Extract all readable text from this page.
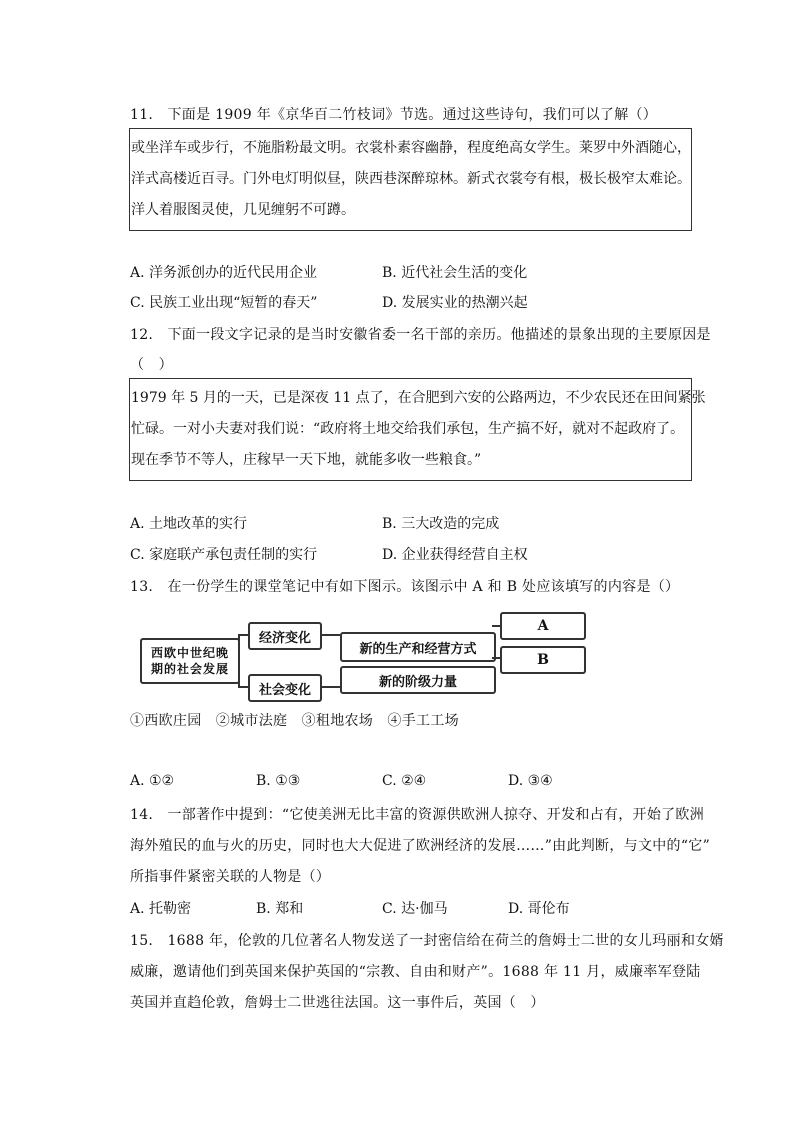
11.　下面是 1909 年《京华百二竹枝词》节选。通过这些诗句，我们可以了解（）
或坐洋车或步行，不施脂粉最文明。衣裳朴素容幽静，程度绝高女学生。莱罗中外酒随心，
洋式高楼近百寻。门外电灯明似昼，陕西巷深醉琼林。新式衣裳夸有根，极长极窄太难论。
洋人着服图灵使，几见缠躬不可蹲。
A. 洋务派创办的近代民用企业	B. 近代社会生活的变化
C. 民族工业出现“短暂的春天”	D. 发展实业的热潮兴起
12.　下面一段文字记录的是当时安徽省委一名干部的亲历。他描述的景象出现的主要原因是
（　）
1979 年 5 月的一天，已是深夜 11 点了，在合肥到六安的公路两边，不少农民还在田间紧张
忙碌。一对小夫妻对我们说：“政府将土地交给我们承包，生产搞不好，就对不起政府了。
现在季节不等人，庄稼早一天下地，就能多收一些粮食。”
A. 土地改革的实行	B. 三大改造的完成
C. 家庭联产承包责任制的实行	D. 企业获得经营自主权
13.　在一份学生的课堂笔记中有如下图示。该图示中 A 和 B 处应该填写的内容是（）
西欧中世纪晚期的社会发展
经济变化
新的生产和经营方式
A
B
社会变化
新的阶级力量
①西欧庄园　②城市法庭　③租地农场　④手工工场
A. ①②	B. ①③	C. ②④	D. ③④
14.　一部著作中提到：“它使美洲无比丰富的资源供欧洲人掠夺、开发和占有，开始了欧洲
海外殖民的血与火的历史，同时也大大促进了欧洲经济的发展……”由此判断，与文中的“它”
所指事件紧密关联的人物是（）
A. 托勒密	B. 郑和	C. 达·伽马	D. 哥伦布
15.　1688 年，伦敦的几位著名人物发送了一封密信给在荷兰的詹姆士二世的女儿玛丽和女婿
威廉，邀请他们到英国来保护英国的“宗教、自由和财产”。1688 年 11 月，威廉率军登陆
英国并直趋伦敦，詹姆士二世逃往法国。这一事件后，英国（　）
